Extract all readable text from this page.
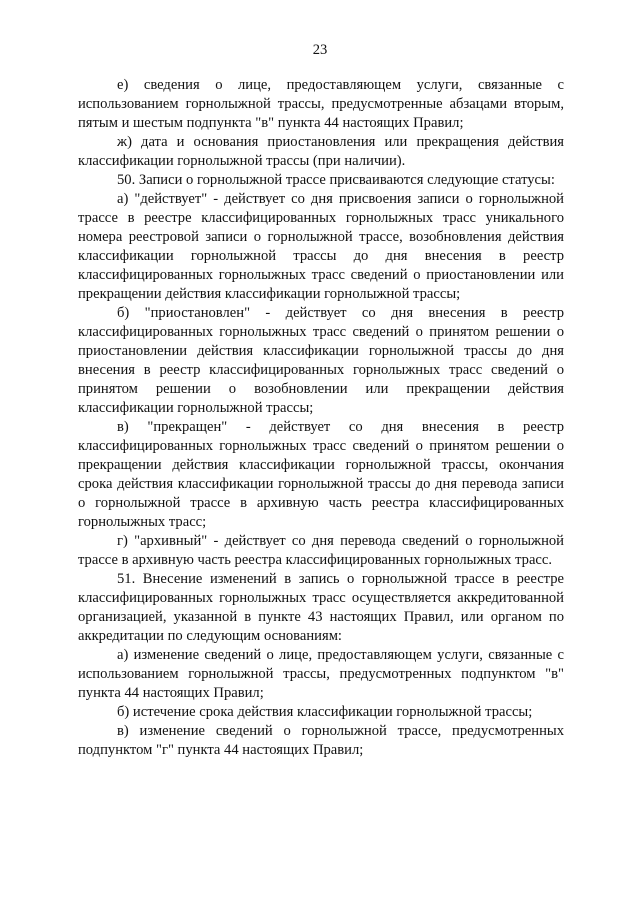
23

е) сведения о лице, предоставляющем услуги, связанные с использованием горнолыжной трассы, предусмотренные абзацами вторым, пятым и шестым подпункта "в" пункта 44 настоящих Правил;

ж) дата и основания приостановления или прекращения действия классификации горнолыжной трассы (при наличии).

50. Записи о горнолыжной трассе присваиваются следующие статусы:

а) "действует" - действует со дня присвоения записи о горнолыжной трассе в реестре классифицированных горнолыжных трасс уникального номера реестровой записи о горнолыжной трассе, возобновления действия классификации горнолыжной трассы до дня внесения в реестр классифицированных горнолыжных трасс сведений о приостановлении или прекращении действия классификации горнолыжной трассы;

б) "приостановлен" - действует со дня внесения в реестр классифицированных горнолыжных трасс сведений о принятом решении о приостановлении действия классификации горнолыжной трассы до дня внесения в реестр классифицированных горнолыжных трасс сведений о принятом решении о возобновлении или прекращении действия классификации горнолыжной трассы;

в) "прекращен" - действует со дня внесения в реестр классифицированных горнолыжных трасс сведений о принятом решении о прекращении действия классификации горнолыжной трассы, окончания срока действия классификации горнолыжной трассы до дня перевода записи о горнолыжной трассе в архивную часть реестра классифицированных горнолыжных трасс;

г) "архивный" - действует со дня перевода сведений о горнолыжной трассе в архивную часть реестра классифицированных горнолыжных трасс.

51. Внесение изменений в запись о горнолыжной трассе в реестре классифицированных горнолыжных трасс осуществляется аккредитованной организацией, указанной в пункте 43 настоящих Правил, или органом по аккредитации по следующим основаниям:

а) изменение сведений о лице, предоставляющем услуги, связанные с использованием горнолыжной трассы, предусмотренных подпунктом "в" пункта 44 настоящих Правил;

б) истечение срока действия классификации горнолыжной трассы;

в) изменение сведений о горнолыжной трассе, предусмотренных подпунктом "г" пункта 44 настоящих Правил;
